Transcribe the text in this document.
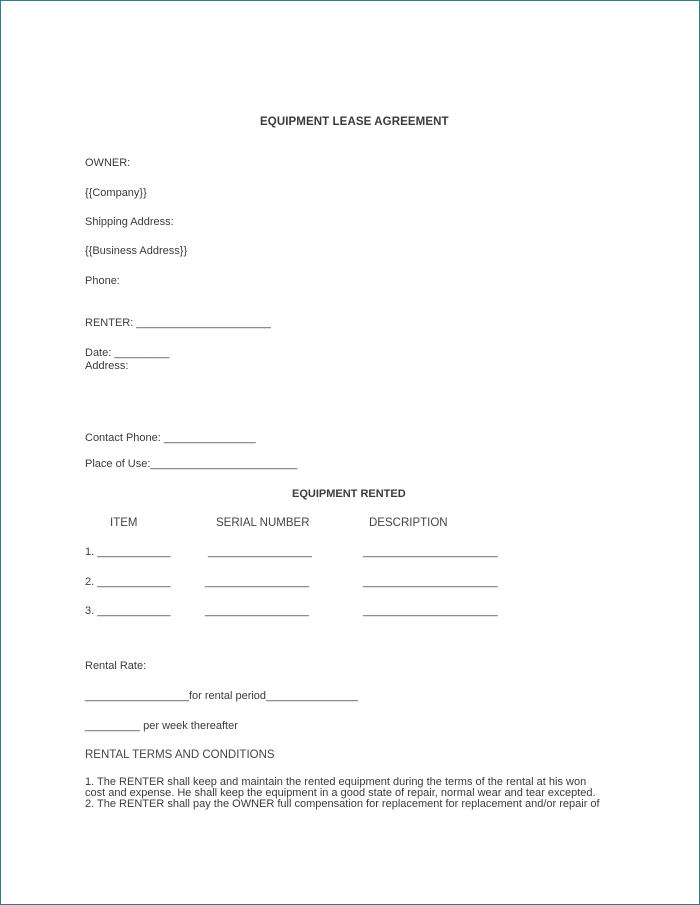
EQUIPMENT LEASE AGREEMENT
OWNER:
{{Company}}
Shipping Address:
{{Business Address}}
Phone:
RENTER: ______________________
Date: _________
Address:
Contact Phone: _______________
Place of Use:________________________
EQUIPMENT RENTED
ITEM	SERIAL NUMBER	DESCRIPTION
1. ____________	_________________	______________________
2. ____________	_________________	______________________
3. ____________	_________________	______________________
Rental Rate:
_________________for rental period_______________
_________ per week thereafter
RENTAL TERMS AND CONDITIONS
1. The RENTER shall keep and maintain the rented equipment during the terms of the rental at his won
cost and expense. He shall keep the equipment in a good state of repair, normal wear and tear excepted.
2. The RENTER shall pay the OWNER full compensation for replacement for replacement and/or repair of
